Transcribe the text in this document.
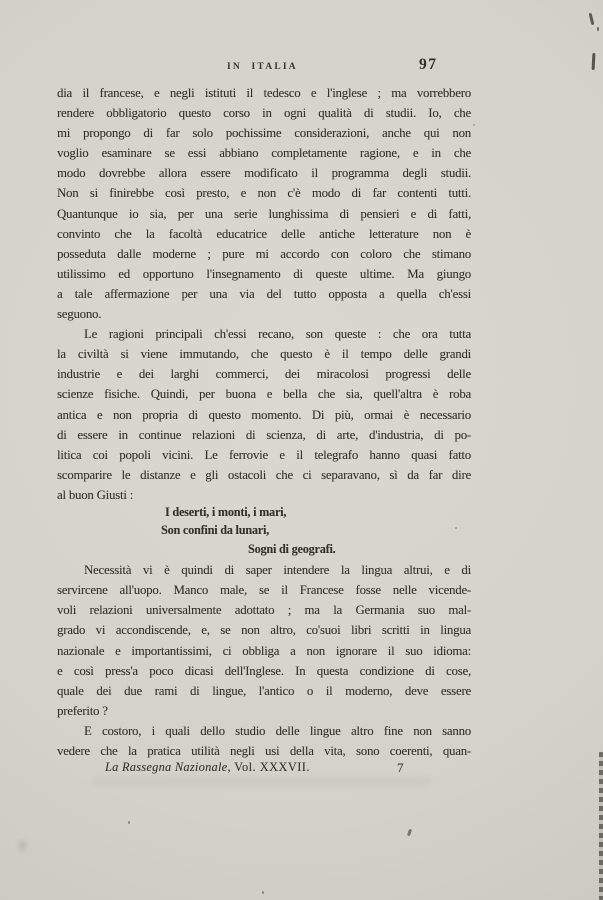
IN ITALIA	97
dia il francese, e negli istituti il tedesco e l'inglese ; ma vorrebbero
rendere obbligatorio questo corso in ogni qualità di studii. Io, che
mi propongo di far solo pochissime considerazioni, anche qui non
voglio esaminare se essi abbiano completamente ragione, e in che
modo dovrebbe allora essere modificato il programma degli studii.
Non si finirebbe così presto, e non c'è modo di far contenti tutti.
Quantunque io sia, per una serie lunghissima di pensieri e di fatti,
convinto che la facoltà educatrice delle antiche letterature non è
posseduta dalle moderne ; pure mi accordo con coloro che stimano
utilissimo ed opportuno l'insegnamento di queste ultime. Ma giungo
a tale affermazione per una via del tutto opposta a quella ch'essi
seguono.
Le ragioni principali ch'essi recano, son queste : che ora tutta
la civiltà si viene immutando, che questo è il tempo delle grandi
industrie e dei larghi commerci, dei miracolosi progressi delle
scienze fisiche. Quindi, per buona e bella che sia, quell'altra è roba
antica e non propria di questo momento. Di più, ormai è necessario
di essere in continue relazioni di scienza, di arte, d'industria, di po-
litica coi popoli vicini. Le ferrovie e il telegrafo hanno quasi fatto
scomparire le distanze e gli ostacoli che ci separavano, sì da far dire
al buon Giusti :
I deserti, i monti, i mari,
Son confini da lunari,
Sogni di geografi.
Necessità vi è quindi di saper intendere la lingua altrui, e di
servircene all'uopo. Manco male, se il Francese fosse nelle vicende-
voli relazioni universalmente adottato ; ma la Germania suo mal-
grado vi accondiscende, e, se non altro, co'suoi libri scritti in lingua
nazionale e importantissimi, ci obbliga a non ignorare il suo idioma:
e così press'a poco dicasi dell'Inglese. In questa condizione di cose,
quale dei due rami di lingue, l'antico o il moderno, deve essere
preferito ?
E costoro, i quali dello studio delle lingue altro fine non sanno
vedere che la pratica utilità negli usi della vita, sono coerenti, quan-
La Rassegna Nazionale, Vol. XXXVII.	7
